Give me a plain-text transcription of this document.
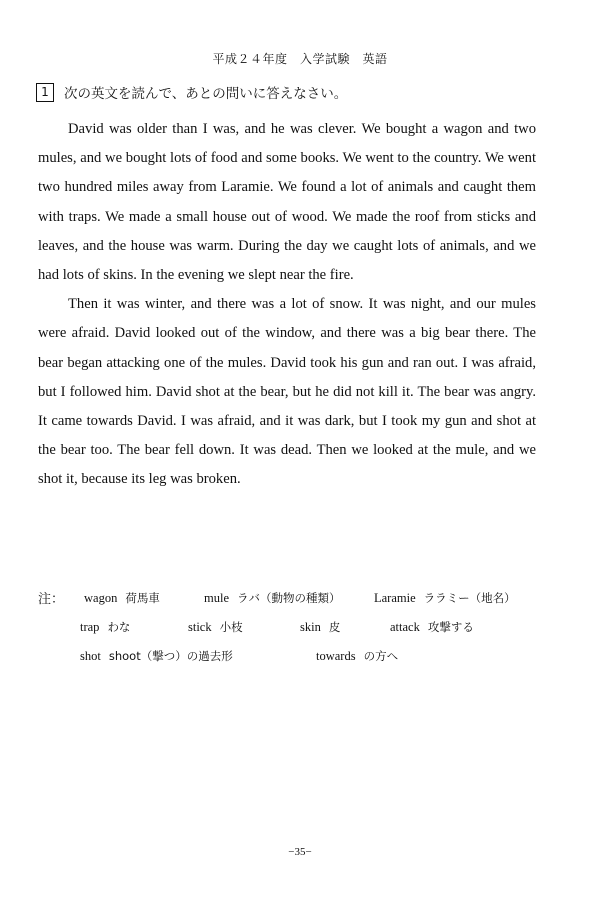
平成２４年度　入学試験　英語
1	次の英文を読んで、あとの問いに答えなさい。

David was older than I was, and he was clever. We bought a wagon and two mules, and we bought lots of food and some books. We went to the country. We went two hundred miles away from Laramie. We found a lot of animals and caught them with traps. We made a small house out of wood. We made the roof from sticks and leaves, and the house was warm. During the day we caught lots of animals, and we had lots of skins. In the evening we slept near the fire.

Then it was winter, and there was a lot of snow. It was night, and our mules were afraid. David looked out of the window, and there was a big bear there. The bear began attacking one of the mules. David took his gun and ran out. I was afraid, but I followed him. David shot at the bear, but he did not kill it. The bear was angry. It came towards David. I was afraid, and it was dark, but I took my gun and shot at the bear too. The bear fell down. It was dead. Then we looked at the mule, and we shot it, because its leg was broken.

注： wagon 荷馬車	mule ラバ（動物の種類）	Laramie ララミー（地名）
trap わな	stick 小枝	skin 皮	attack 攻撃する
shot shoot（撃つ）の過去形	towards の方へ
−35−
